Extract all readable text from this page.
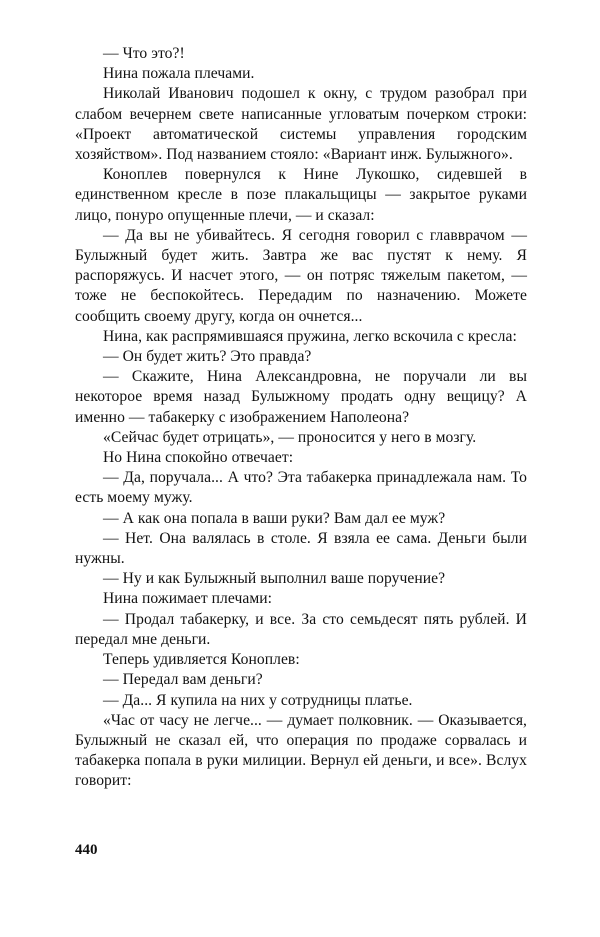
— Что это?!

Нина пожала плечами.

Николай Иванович подошел к окну, с трудом разобрал при слабом вечернем свете написанные угловатым почерком строки: «Проект автоматической системы управления городским хозяйством». Под названием стояло: «Вариант инж. Булыжного».

Коноплев повернулся к Нине Лукошко, сидевшей в единственном кресле в позе плакальщицы — закрытое руками лицо, понуро опущенные плечи, — и сказал:

— Да вы не убивайтесь. Я сегодня говорил с главврачом — Булыжный будет жить. Завтра же вас пустят к нему. Я распоряжусь. И насчет этого, — он потряс тяжелым пакетом, — тоже не беспокойтесь. Передадим по назначению. Можете сообщить своему другу, когда он очнется...

Нина, как распрямившаяся пружина, легко вскочила с кресла:

— Он будет жить? Это правда?

— Скажите, Нина Александровна, не поручали ли вы некоторое время назад Булыжному продать одну вещицу? А именно — табакерку с изображением Наполеона?

«Сейчас будет отрицать», — проносится у него в мозгу.

Но Нина спокойно отвечает:

— Да, поручала... А что? Эта табакерка принадлежала нам. То есть моему мужу.

— А как она попала в ваши руки? Вам дал ее муж?

— Нет. Она валялась в столе. Я взяла ее сама. Деньги были нужны.

— Ну и как Булыжный выполнил ваше поручение?

Нина пожимает плечами:

— Продал табакерку, и все. За сто семьдесят пять рублей. И передал мне деньги.

Теперь удивляется Коноплев:

— Передал вам деньги?

— Да... Я купила на них у сотрудницы платье.

«Час от часу не легче... — думает полковник. — Оказывается, Булыжный не сказал ей, что операция по продаже сорвалась и табакерка попала в руки милиции. Вернул ей деньги, и все». Вслух говорит:

440
